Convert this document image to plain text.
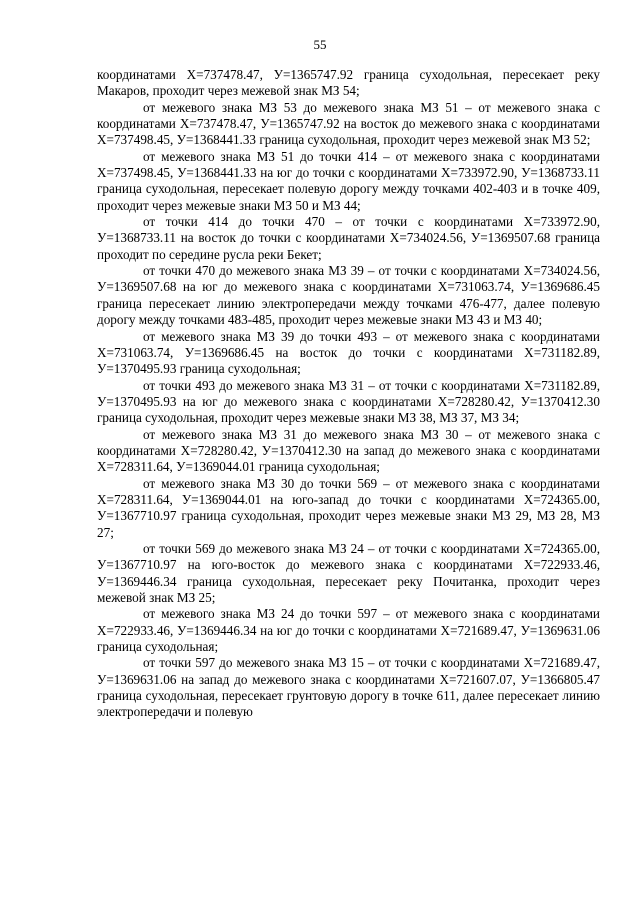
55

координатами Х=737478.47, У=1365747.92 граница суходольная, пересекает реку Макаров, проходит через межевой знак МЗ 54;

от межевого знака МЗ 53 до межевого знака МЗ 51 – от межевого знака с координатами Х=737478.47, У=1365747.92 на восток до межевого знака с координатами Х=737498.45, У=1368441.33 граница суходольная, проходит через межевой знак МЗ 52;

от межевого знака МЗ 51 до точки 414 – от межевого знака с координатами Х=737498.45, У=1368441.33 на юг до точки с координатами Х=733972.90, У=1368733.11 граница суходольная, пересекает полевую дорогу между точками 402-403 и в точке 409, проходит через межевые знаки МЗ 50 и МЗ 44;

от точки 414 до точки 470 – от точки с координатами Х=733972.90, У=1368733.11 на восток до точки с координатами Х=734024.56, У=1369507.68 граница проходит по середине русла реки Бекет;

от точки 470 до межевого знака МЗ 39 – от точки с координатами Х=734024.56, У=1369507.68 на юг до межевого знака с координатами Х=731063.74, У=1369686.45 граница пересекает линию электропередачи между точками 476-477, далее полевую дорогу между точками 483-485, проходит через межевые знаки МЗ 43 и МЗ 40;

от межевого знака МЗ 39 до точки 493 – от межевого знака с координатами Х=731063.74, У=1369686.45 на восток до точки с координатами Х=731182.89, У=1370495.93 граница суходольная;

от точки 493 до межевого знака МЗ 31 – от точки с координатами Х=731182.89, У=1370495.93 на юг до межевого знака с координатами Х=728280.42, У=1370412.30 граница суходольная, проходит через межевые знаки МЗ 38, МЗ 37, МЗ 34;

от межевого знака МЗ 31 до межевого знака МЗ 30 – от межевого знака с координатами Х=728280.42, У=1370412.30 на запад до межевого знака с координатами Х=728311.64, У=1369044.01 граница суходольная;

от межевого знака МЗ 30 до точки 569 – от межевого знака с координатами Х=728311.64, У=1369044.01 на юго-запад до точки с координатами Х=724365.00, У=1367710.97 граница суходольная, проходит через межевые знаки МЗ 29, МЗ 28, МЗ 27;

от точки 569 до межевого знака МЗ 24 – от точки с координатами Х=724365.00, У=1367710.97 на юго-восток до межевого знака с координатами Х=722933.46, У=1369446.34 граница суходольная, пересекает реку Почитанка, проходит через межевой знак МЗ 25;

от межевого знака МЗ 24 до точки 597 – от межевого знака с координатами Х=722933.46, У=1369446.34 на юг до точки с координатами Х=721689.47, У=1369631.06 граница суходольная;

от точки 597 до межевого знака МЗ 15 – от точки с координатами Х=721689.47, У=1369631.06 на запад до межевого знака с координатами Х=721607.07, У=1366805.47 граница суходольная, пересекает грунтовую дорогу в точке 611, далее пересекает линию электропередачи и полевую
